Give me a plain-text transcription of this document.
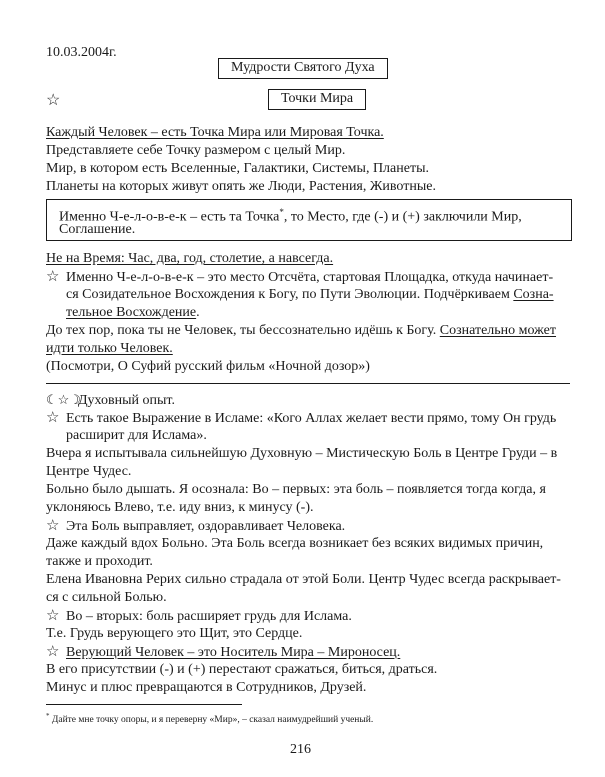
10.03.2004г.
Мудрости Святого Духа
☆	Точки Мира
Каждый Человек – есть Точка Мира или Мировая Точка.
Представляете себе Точку размером с целый Мир.
Мир, в котором есть Вселенные, Галактики, Системы, Планеты.
Планеты на которых живут опять же Люди, Растения, Животные.
Именно Ч-е-л-о-в-е-к – есть та Точка*, то Место, где (-) и (+) заключили Мир,
Соглашение.
Не на Время: Час, два, год, столетие, а навсегда.
☆ Именно Ч-е-л-о-в-е-к – это место Отсчёта, стартовая Площадка, откуда начинает-
ся Созидательное Восхождения к Богу, по Пути Эволюции. Подчёркиваем Созна-
тельное Восхождение.
До тех пор, пока ты не Человек, ты бессознательно идёшь к Богу. Сознательно может
идти только Человек.
(Посмотри, О Суфий русский фильм «Ночной дозор»)
☾☆☽Духовный опыт.
☆ Есть такое Выражение в Исламе: «Кого Аллах желает вести прямо, тому Он грудь
расширит для Ислама».
Вчера я испытывала сильнейшую Духовную – Мистическую Боль в Центре Груди – в
Центре Чудес.
Больно было дышать. Я осознала: Во – первых: эта боль – появляется тогда когда, я
уклоняюсь Влево, т.е. иду вниз, к минусу (-).
☆ Эта Боль выправляет, оздоравливает Человека.
Даже каждый вдох Больно. Эта Боль всегда возникает без всяких видимых причин,
также и проходит.
Елена Ивановна Рерих сильно страдала от этой Боли. Центр Чудес всегда раскрывает-
ся с сильной Болью.
☆ Во – вторых: боль расширяет грудь для Ислама.
Т.е. Грудь верующего это Щит, это Сердце.
☆ Верующий Человек – это Носитель Мира – Мироносец.
В его присутствии (-) и (+) перестают сражаться, биться, драться.
Минус и плюс превращаются в Сотрудников, Друзей.
* Дайте мне точку опоры, и я переверну «Мир», – сказал наимудрейший ученый.
216
